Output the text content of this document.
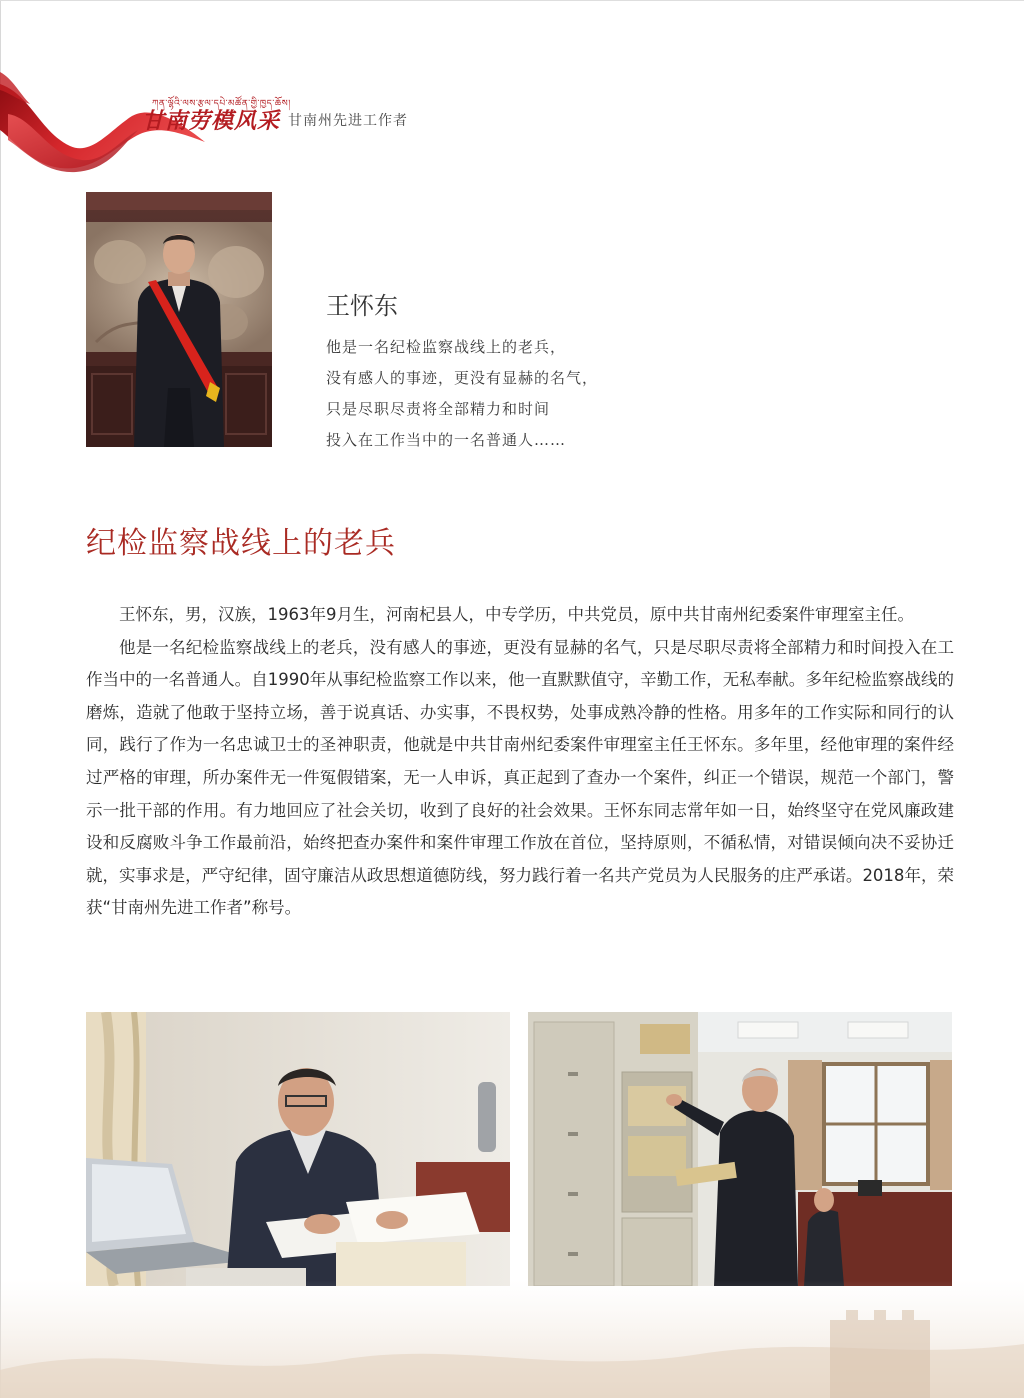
ཀན་ལྷོའི་ལས་རྩལ་དཔེ་མཚོན་གྱི་ཁྱད་ཆོས།
甘南劳模风采 甘南州先进工作者
王怀东
他是一名纪检监察战线上的老兵，
没有感人的事迹，更没有显赫的名气，
只是尽职尽责将全部精力和时间
投入在工作当中的一名普通人……
纪检监察战线上的老兵

王怀东，男，汉族，1963年9月生，河南杞县人，中专学历，中共党员，原中共甘南州纪委案件审理室主任。

他是一名纪检监察战线上的老兵，没有感人的事迹，更没有显赫的名气，只是尽职尽责将全部精力和时间投入在工作当中的一名普通人。自1990年从事纪检监察工作以来，他一直默默值守，辛勤工作，无私奉献。多年纪检监察战线的磨炼，造就了他敢于坚持立场，善于说真话、办实事，不畏权势，处事成熟冷静的性格。用多年的工作实际和同行的认同，践行了作为一名忠诚卫士的圣神职责，他就是中共甘南州纪委案件审理室主任王怀东。多年里，经他审理的案件经过严格的审理，所办案件无一件冤假错案，无一人申诉，真正起到了查办一个案件，纠正一个错误，规范一个部门，警示一批干部的作用。有力地回应了社会关切，收到了良好的社会效果。王怀东同志常年如一日，始终坚守在党风廉政建设和反腐败斗争工作最前沿，始终把查办案件和案件审理工作放在首位，坚持原则，不循私情，对错误倾向决不妥协迁就，实事求是，严守纪律，固守廉洁从政思想道德防线，努力践行着一名共产党员为人民服务的庄严承诺。2018年，荣获“甘南州先进工作者”称号。
